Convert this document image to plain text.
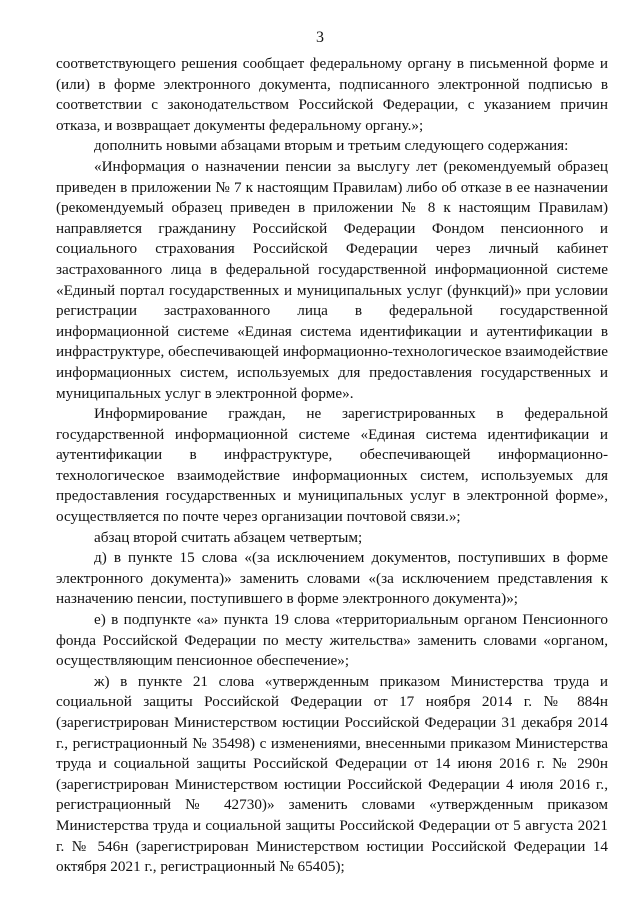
3

соответствующего решения сообщает федеральному органу в письменной форме и (или) в форме электронного документа, подписанного электронной подписью в соответствии с законодательством Российской Федерации, с указанием причин отказа, и возвращает документы федеральному органу.»;

дополнить новыми абзацами вторым и третьим следующего содержания:

«Информация о назначении пенсии за выслугу лет (рекомендуемый образец приведен в приложении № 7 к настоящим Правилам) либо об отказе в ее назначении (рекомендуемый образец приведен в приложении № 8 к настоящим Правилам) направляется гражданину Российской Федерации Фондом пенсионного и социального страхования Российской Федерации через личный кабинет застрахованного лица в федеральной государственной информационной системе «Единый портал государственных и муниципальных услуг (функций)» при условии регистрации застрахованного лица в федеральной государственной информационной системе «Единая система идентификации и аутентификации в инфраструктуре, обеспечивающей информационно-технологическое взаимодействие информационных систем, используемых для предоставления государственных и муниципальных услуг в электронной форме».

Информирование граждан, не зарегистрированных в федеральной государственной информационной системе «Единая система идентификации и аутентификации в инфраструктуре, обеспечивающей информационно-технологическое взаимодействие информационных систем, используемых для предоставления государственных и муниципальных услуг в электронной форме», осуществляется по почте через организации почтовой связи.»;

абзац второй считать абзацем четвертым;

д) в пункте 15 слова «(за исключением документов, поступивших в форме электронного документа)» заменить словами «(за исключением представления к назначению пенсии, поступившего в форме электронного документа)»;

е) в подпункте «а» пункта 19 слова «территориальным органом Пенсионного фонда Российской Федерации по месту жительства» заменить словами «органом, осуществляющим пенсионное обеспечение»;

ж) в пункте 21 слова «утвержденным приказом Министерства труда и социальной защиты Российской Федерации от 17 ноября 2014 г. № 884н (зарегистрирован Министерством юстиции Российской Федерации 31 декабря 2014 г., регистрационный № 35498) с изменениями, внесенными приказом Министерства труда и социальной защиты Российской Федерации от 14 июня 2016 г. № 290н (зарегистрирован Министерством юстиции Российской Федерации 4 июля 2016 г., регистрационный № 42730)» заменить словами «утвержденным приказом Министерства труда и социальной защиты Российской Федерации от 5 августа 2021 г. № 546н (зарегистрирован Министерством юстиции Российской Федерации 14 октября 2021 г., регистрационный № 65405);
